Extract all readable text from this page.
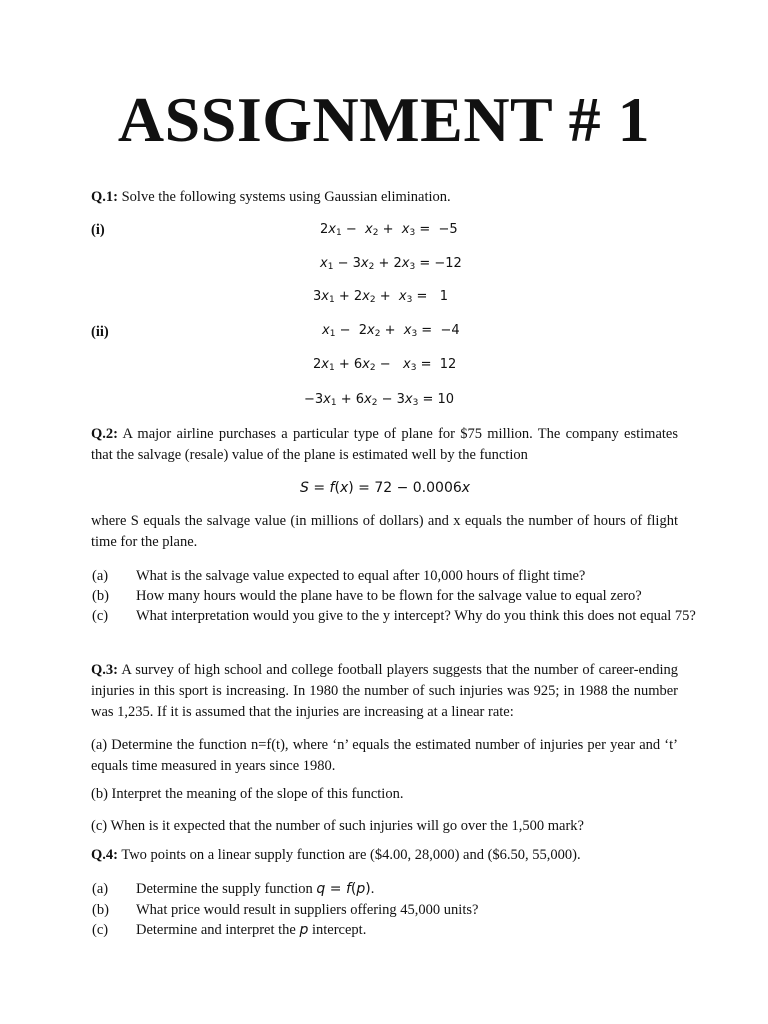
ASSIGNMENT # 1
Q.1: Solve the following systems using Gaussian elimination.
(i)	$2x_1 - x_2 + x_3 = -5$
$x_1 - 3x_2 + 2x_3 = -12$
$3x_1 + 2x_2 + x_3 = 1$
(ii)	$x_1 - 2x_2 + x_3 = -4$
$2x_1 + 6x_2 - x_3 = 12$
$-3x_1 + 6x_2 - 3x_3 = 10$
Q.2: A major airline purchases a particular type of plane for $75 million. The company estimates that the salvage (resale) value of the plane is estimated well by the function
S = f(x) = 72 − 0.0006x
where S equals the salvage value (in millions of dollars) and x equals the number of hours of flight time for the plane.
(a) What is the salvage value expected to equal after 10,000 hours of flight time?
(b) How many hours would the plane have to be flown for the salvage value to equal zero?
(c) What interpretation would you give to the y intercept? Why do you think this does not equal 75?
Q.3: A survey of high school and college football players suggests that the number of career-ending injuries in this sport is increasing. In 1980 the number of such injuries was 925; in 1988 the number was 1,235. If it is assumed that the injuries are increasing at a linear rate:
(a) Determine the function n=f(t), where ‘n’ equals the estimated number of injuries per year and ‘t’ equals time measured in years since 1980.
(b) Interpret the meaning of the slope of this function.
(c) When is it expected that the number of such injuries will go over the 1,500 mark?
Q.4: Two points on a linear supply function are ($4.00, 28,000) and ($6.50, 55,000).
(a) Determine the supply function q = f(p).
(b) What price would result in suppliers offering 45,000 units?
(c) Determine and interpret the p intercept.
